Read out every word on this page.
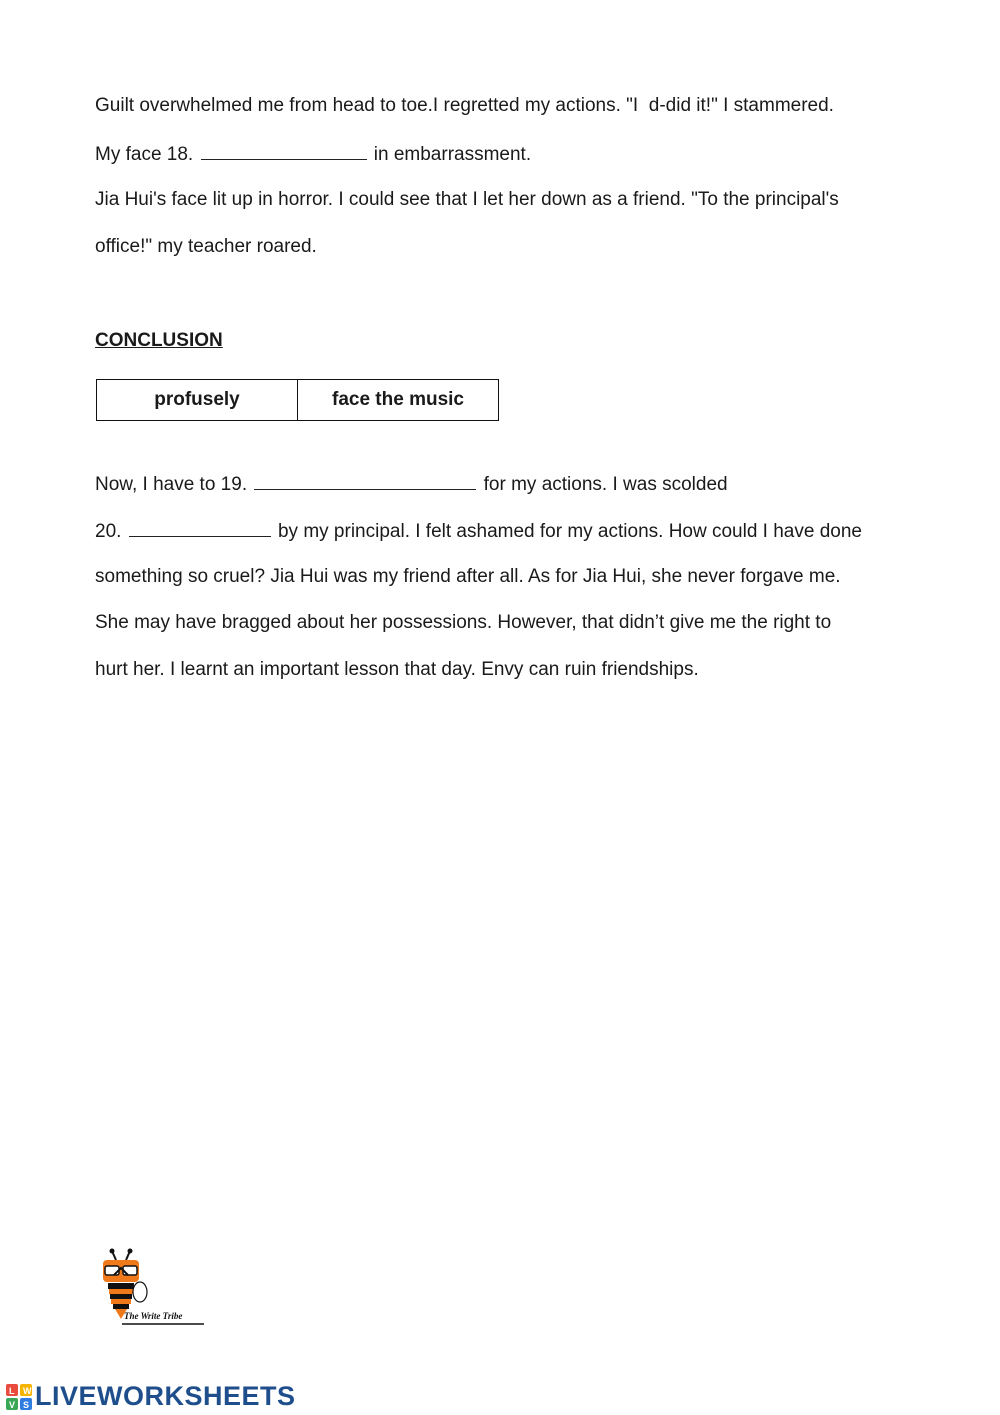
Guilt overwhelmed me from head to toe.I regretted my actions. "I  d-did it!" I stammered.
My face 18.	in embarrassment.
Jia Hui's face lit up in horror. I could see that I let her down as a friend. "To the principal's
office!" my teacher roared.
CONCLUSION
profusely	face the music
Now, I have to 19.	for my actions. I was scolded
20.	by my principal. I felt ashamed for my actions. How could I have done
something so cruel? Jia Hui was my friend after all. As for Jia Hui, she never forgave me.
She may have bragged about her possessions. However, that didn’t give me the right to
hurt her. I learnt an important lesson that day. Envy can ruin friendships.
The Write Tribe
L W
V S LIVEWORKSHEETS
